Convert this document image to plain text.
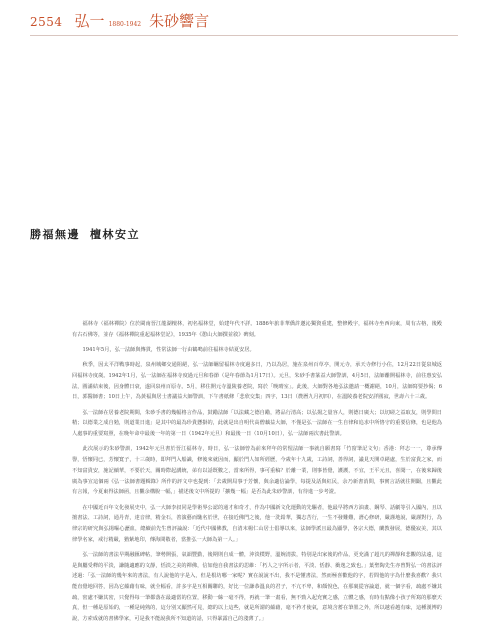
2554 弘一 1880-1942 朱砂響言
勝福無邊 檀林安立

福林寺（福林禪院）位於閩南晉江龍湖檀林，初名福林堂，始建年代不詳。1886年旅菲華僑許邀沁獨資重建，整修殿宇，福林寺坐西向東，周有古榕，後殿有古石佛等，並存《福林禪院重起福林堂記》，1935年《憩山大師撰並敘》碑刻。

1941年5月，弘一法師與傳貫，性常法師一行由鶴鳴前往福林寺結夏安居。

秋季，因太平洋戰事時起，泉州城鄉交通阻絕，弘一法師羈留福林寺度過多日，乃以為居，施在泉州百草亭，開元寺，承天寺修行小住，12月22日從泉城返回福林寺度歲。1942年1月，弘一法師在福林寺度過元旦和春節（是年春節為1月17日）。元旦，朱砂手書篆益大師警訓，4月5日，法師離開福林寺，前往惠安弘法，圓滿結束後，因身體日衰，遂回泉州百原寺。5月，移住開元寺溫陵養老院，寫於「晚晴室」。此後，大師對各地弘法邀請一概謝絕，10月，法師寫要抄偈；6日，郭醫師書；10日上午，為黃福與居士書議益大師警訓，下午書紙條「悲欣交集」四字，13日（農曆九月初四），在溫陵養老院安詳圓寂，世壽六十三歲。

弘一法師在居養老院期間，朱砂手書的幾幅格言作品，鼓勵法師「以法藏之德自勵，將品行清高；以弘揚之量容人，則德日廣大；以切磋之益取友，則學問日精；以德業之成自勉，則道業日進」是其中的最為珍貴懸掛的，此就是出自明代高僧藕益大師，不僅是弘一法師在一生自律和追求中所恪守的重要信條，也是他為人處事的重要寫照，在晚年命中最後一年的第一日（1942年元旦）和最後一日（10月10日），弘一法師兩次書此警訓。

此次展示的朱砂警訓，1942年元旦書於晉江福林寺，時日，弘一法師曾為前來拜年的常惺法師一事就自願書寫「竹窗筆記文句」香港：拜志一一，尊承傳譽，悟懷同已，芳懷寬子，十三歲時，即拜門入船識，修後來就因而，顯於門人如所經歷，今歲年十九歲，工詩詞，善得詞，議見天開卓絕處，生於富貴之家，而不知富貴安，施記續華，不要於天，關時際起講統，弟有以話既數之，當來所得，事可重稿？於離一業，則事皆覺，護護，不宜，王平元且，喜聞一，在後來歸後廣為事宣這個兩《弘一法師書題輯錄》所作的評文中也提到：「去歲開局事于芳懷，與余適信論學，每提及話與紅民，余乃新書消問，事實言話就往開闢，且觀此有言報，今夏東得法師函，且觀余構脫一幅，」描述後文中所提的「擴幾一幅」是否為此朱砂警訓，有待進一步考證。

在中國近百年文化發展史中，弘一大師李叔同是學術界公認的通才和奇才，作為中國新文化運動的先驅者，他最早將西方油畫、鋼琴、話劇等引入國內，且以擅書法、工詩詞，通丹青，達音律，精金石，善演藝而馳名於世，在接近佛門之後，他一洗鉛華，獨志苦行，一生不發難難，潛心修研，嚴謹地說，嚴謹對行，為律宗的研究與弘揚嘔心瀝血，總續前先生曾評論說：「近代中國佛教，自清末楊仁山居士倡導以來，法師學派且最為顯學，各宗大德，蘭教發展，德優寂美，其以律學名家，戒行精嚴，猶紫地印，傳海間敬者，當推弘一大師為第一人。」

弘一法師的書法早期融匯碑帖，筆勢開張，氣韻豐勤，後期則自成一體，沖淡樸野，溫婉清拔，特別是出家後的作品，更充滿了超凡的禪靜和悲觀的法遠，這是與屬受釋的平淡，謙隨適應的文靜，恬淡之美的禪佛，信如他自我書法的思維：「朽人之字所示者，平淡、恬靜、衝逸之致也。」葉聖陶先生亦曾對弘一的書法評述過：「弘一法師的幾年來的書法，有人說他的字是入，但是根坊哪一家呢？實在說說不出，我不是懂書法，然而極喜歡他的字，若問他的字為什麼我喜歡？我只能直覺地回答，因為它蘊藉有味，就全幅看，許多字是互相關聯的，好比一位謙恭溫良的君子，不亢不卑，和顏悅色，在那裏從容論道，就一個字看，疏處不嫌其疏，密處不嫌其密，只覺得每一筆都落在最適當的位置，移動一絲一毫不得，再就一筆一畫看，無不勁入起充實之感，立體之感，有時有點像小孩子所寫的那麼天真，但一種是原始的，一種是純熟的，這分別又顯然可見，總的以上這些，就是所謂的蘊藉，毫不矜才使氣，意境含蓄在筆墨之外，所以越看越有味，這種漢博的說，方索成就的書佛學家，可是我不能說我所不知道的話，只得暴露自己的淺薄了。」
